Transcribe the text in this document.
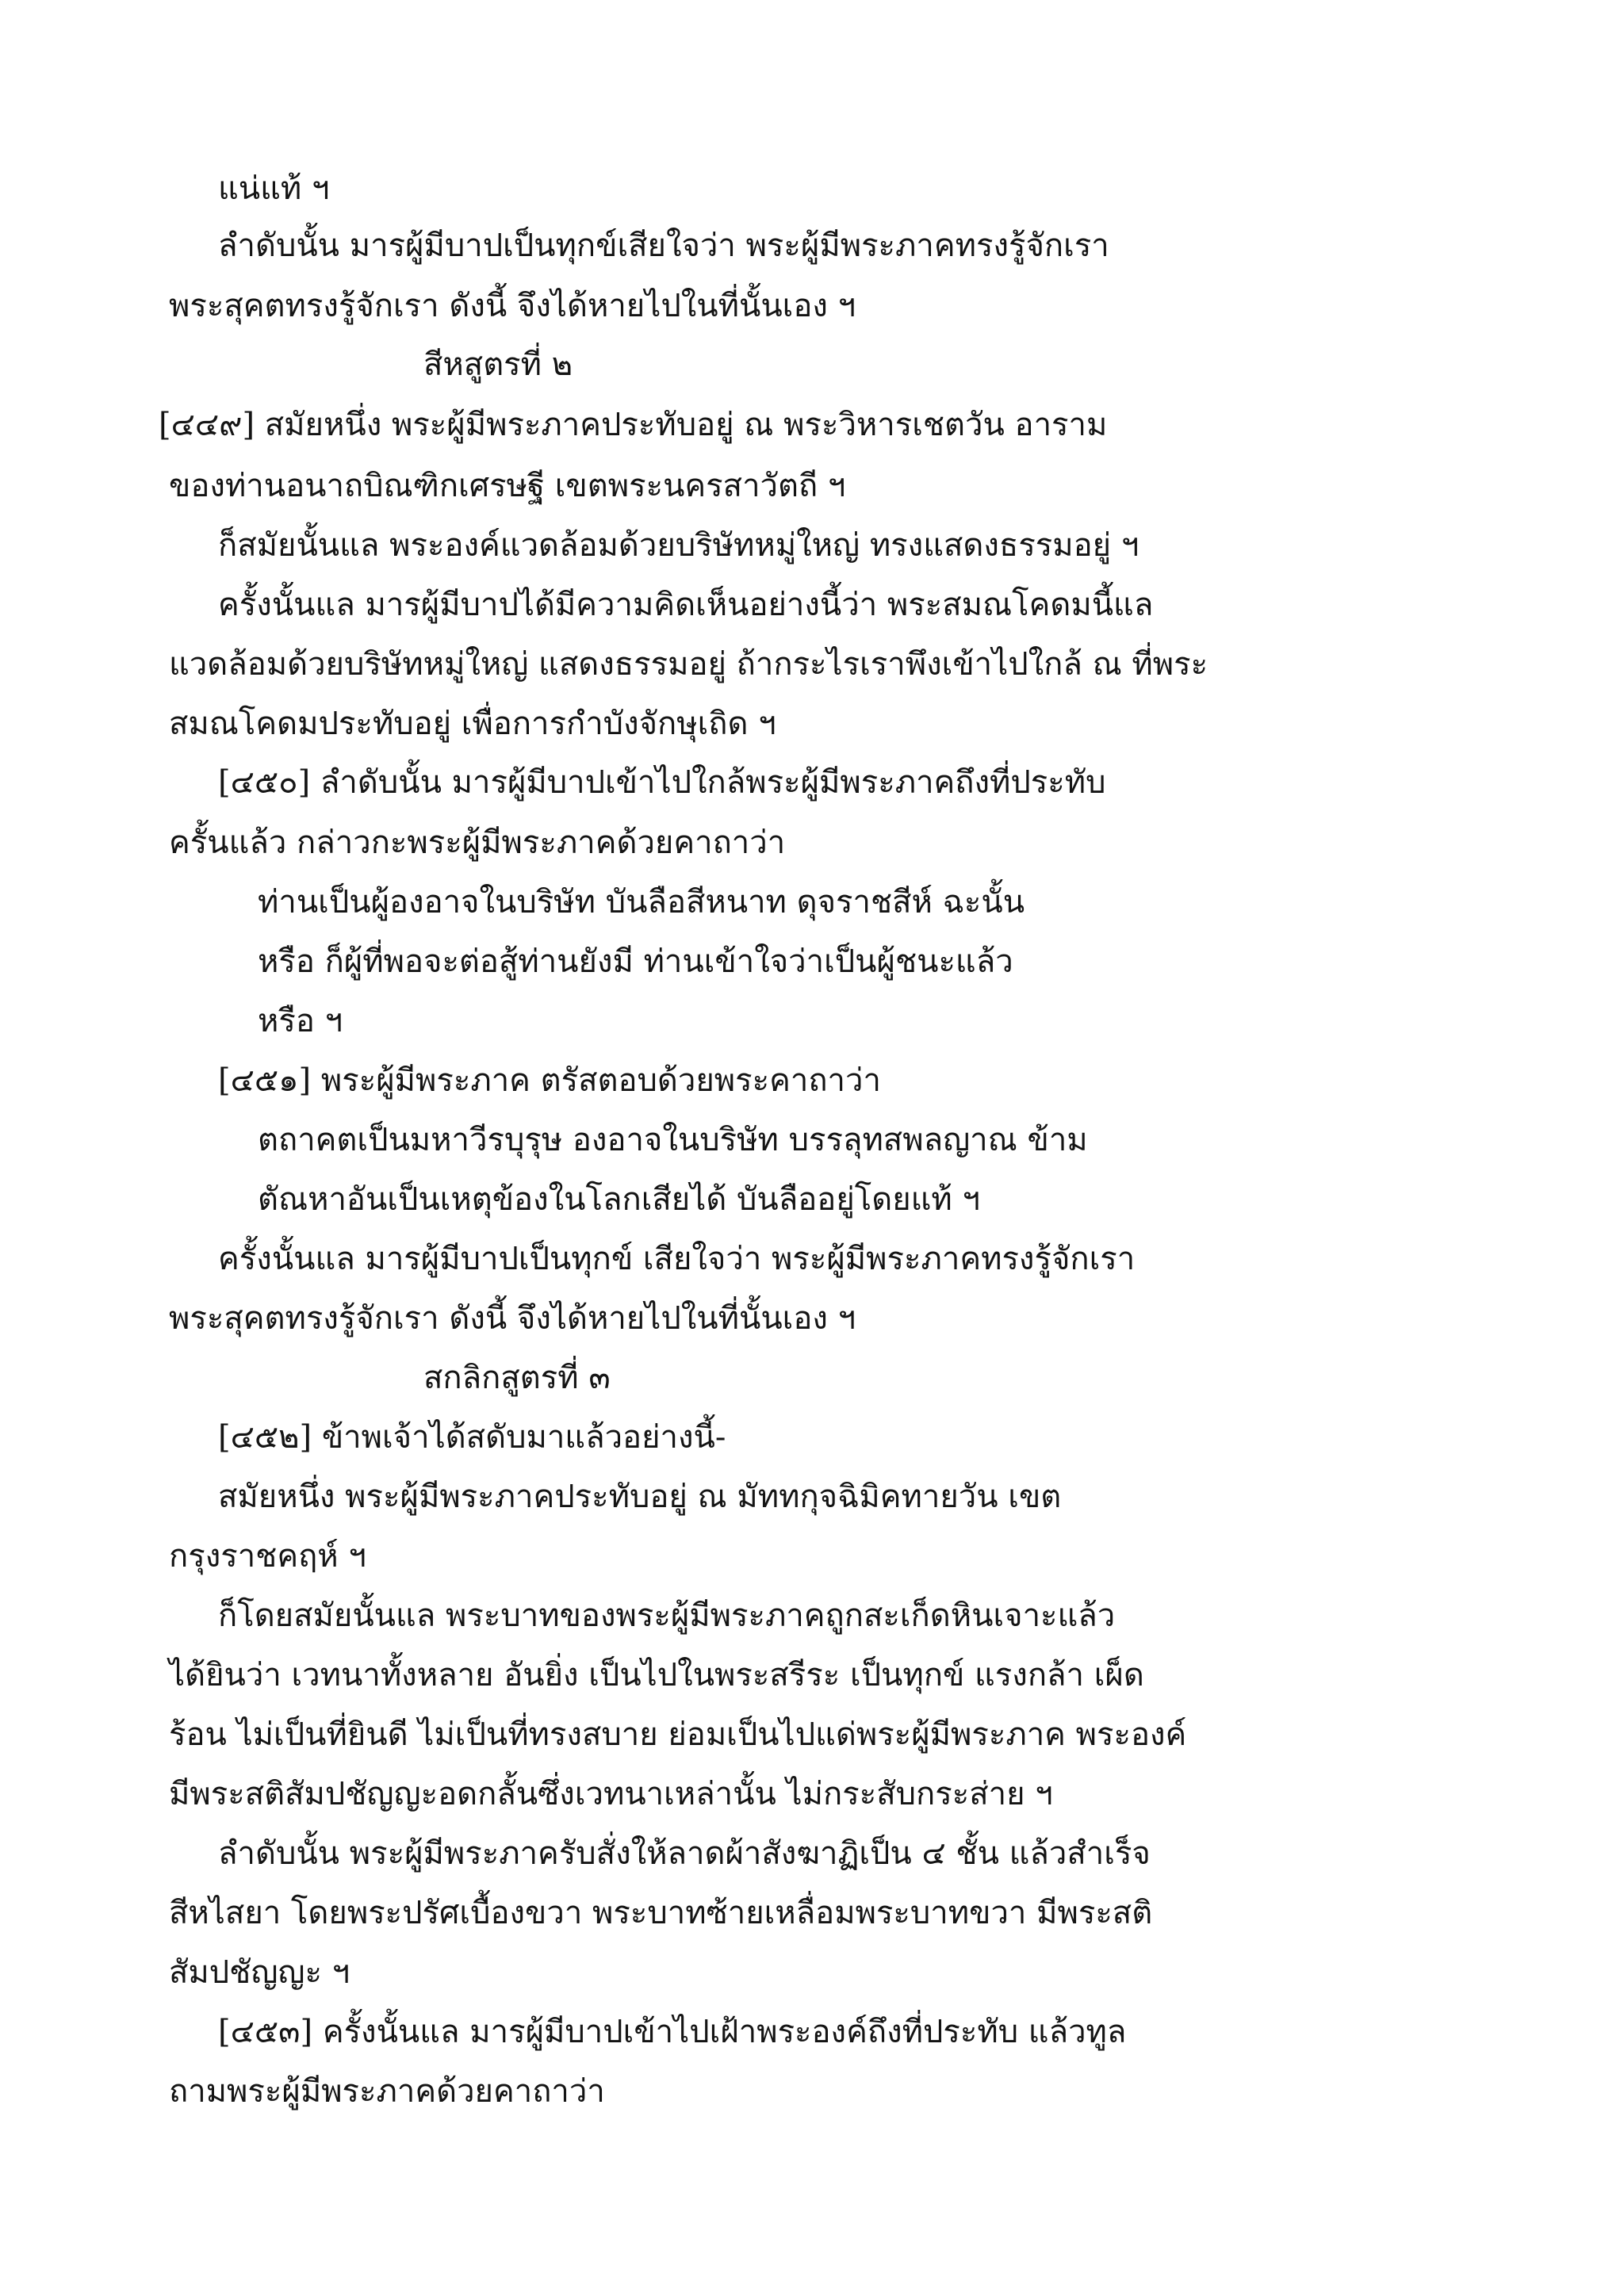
แน่แท้ ฯ
ลำดับนั้น มารผู้มีบาปเป็นทุกข์เสียใจว่า พระผู้มีพระภาคทรงรู้จักเรา
พระสุคตทรงรู้จักเรา ดังนี้ จึงได้หายไปในที่นั้นเอง ฯ
สีหสูตรที่ ๒
[๔๔๙] สมัยหนึ่ง พระผู้มีพระภาคประทับอยู่ ณ พระวิหารเชตวัน อาราม
ของท่านอนาถบิณฑิกเศรษฐี เขตพระนครสาวัตถี ฯ
ก็สมัยนั้นแล พระองค์แวดล้อมด้วยบริษัทหมู่ใหญ่ ทรงแสดงธรรมอยู่ ฯ
ครั้งนั้นแล มารผู้มีบาปได้มีความคิดเห็นอย่างนี้ว่า พระสมณโคดมนี้แล
แวดล้อมด้วยบริษัทหมู่ใหญ่ แสดงธรรมอยู่ ถ้ากระไรเราพึงเข้าไปใกล้ ณ ที่พระ
สมณโคดมประทับอยู่ เพื่อการกำบังจักษุเถิด ฯ
[๔๕๐] ลำดับนั้น มารผู้มีบาปเข้าไปใกล้พระผู้มีพระภาคถึงที่ประทับ
ครั้นแล้ว กล่าวกะพระผู้มีพระภาคด้วยคาถาว่า
ท่านเป็นผู้องอาจในบริษัท บันลือสีหนาท ดุจราชสีห์ ฉะนั้น
หรือ ก็ผู้ที่พอจะต่อสู้ท่านยังมี ท่านเข้าใจว่าเป็นผู้ชนะแล้ว
หรือ ฯ
[๔๕๑] พระผู้มีพระภาค ตรัสตอบด้วยพระคาถาว่า
ตถาคตเป็นมหาวีรบุรุษ องอาจในบริษัท บรรลุทสพลญาณ ข้าม
ตัณหาอันเป็นเหตุข้องในโลกเสียได้ บันลืออยู่โดยแท้ ฯ
ครั้งนั้นแล มารผู้มีบาปเป็นทุกข์ เสียใจว่า พระผู้มีพระภาคทรงรู้จักเรา
พระสุคตทรงรู้จักเรา ดังนี้ จึงได้หายไปในที่นั้นเอง ฯ
สกลิกสูตรที่ ๓
[๔๕๒] ข้าพเจ้าได้สดับมาแล้วอย่างนี้-
สมัยหนึ่ง พระผู้มีพระภาคประทับอยู่ ณ มัททกุจฉิมิคทายวัน เขต
กรุงราชคฤห์ ฯ
ก็โดยสมัยนั้นแล พระบาทของพระผู้มีพระภาคถูกสะเก็ดหินเจาะแล้ว
ได้ยินว่า เวทนาทั้งหลาย อันยิ่ง เป็นไปในพระสรีระ เป็นทุกข์ แรงกล้า เผ็ด
ร้อน ไม่เป็นที่ยินดี ไม่เป็นที่ทรงสบาย ย่อมเป็นไปแด่พระผู้มีพระภาค พระองค์
มีพระสติสัมปชัญญะอดกลั้นซึ่งเวทนาเหล่านั้น ไม่กระสับกระส่าย ฯ
ลำดับนั้น พระผู้มีพระภาครับสั่งให้ลาดผ้าสังฆาฏิเป็น ๔ ชั้น แล้วสำเร็จ
สีหไสยา โดยพระปรัศเบื้องขวา พระบาทซ้ายเหลื่อมพระบาทขวา มีพระสติ
สัมปชัญญะ ฯ
[๔๕๓] ครั้งนั้นแล มารผู้มีบาปเข้าไปเฝ้าพระองค์ถึงที่ประทับ แล้วทูล
ถามพระผู้มีพระภาคด้วยคาถาว่า
